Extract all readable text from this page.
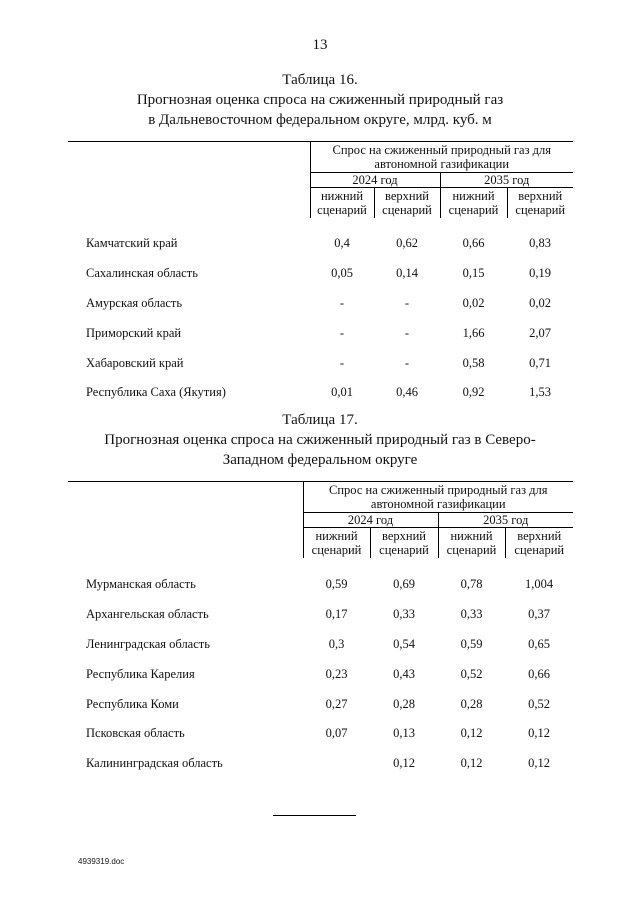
13
Таблица 16.
Прогнозная оценка спроса на сжиженный природный газ
в Дальневосточном федеральном округе, млрд. куб. м
	Спрос на сжиженный природный газ для автономной газификации			
	2024 год		2035 год	
	нижний сценарий	верхний сценарий	нижний сценарий	верхний сценарий

Камчатский край	0,4	0,62	0,66	0,83
Сахалинская область	0,05	0,14	0,15	0,19
Амурская область	-	-	0,02	0,02
Приморский край	-	-	1,66	2,07
Хабаровский край	-	-	0,58	0,71
Республика Саха (Якутия)	0,01	0,46	0,92	1,53
Таблица 17.
Прогнозная оценка спроса на сжиженный природный газ в Северо-
Западном федеральном округе
	Спрос на сжиженный природный газ для автономной газификации			
	2024 год		2035 год	
	нижний сценарий	верхний сценарий	нижний сценарий	верхний сценарий

Мурманская область	0,59	0,69	0,78	1,004
Архангельская область	0,17	0,33	0,33	0,37
Ленинградская область	0,3	0,54	0,59	0,65
Республика Карелия	0,23	0,43	0,52	0,66
Республика Коми	0,27	0,28	0,28	0,52
Псковская область	0,07	0,13	0,12	0,12
Калининградская область		0,12	0,12	0,12
4939319.doc
